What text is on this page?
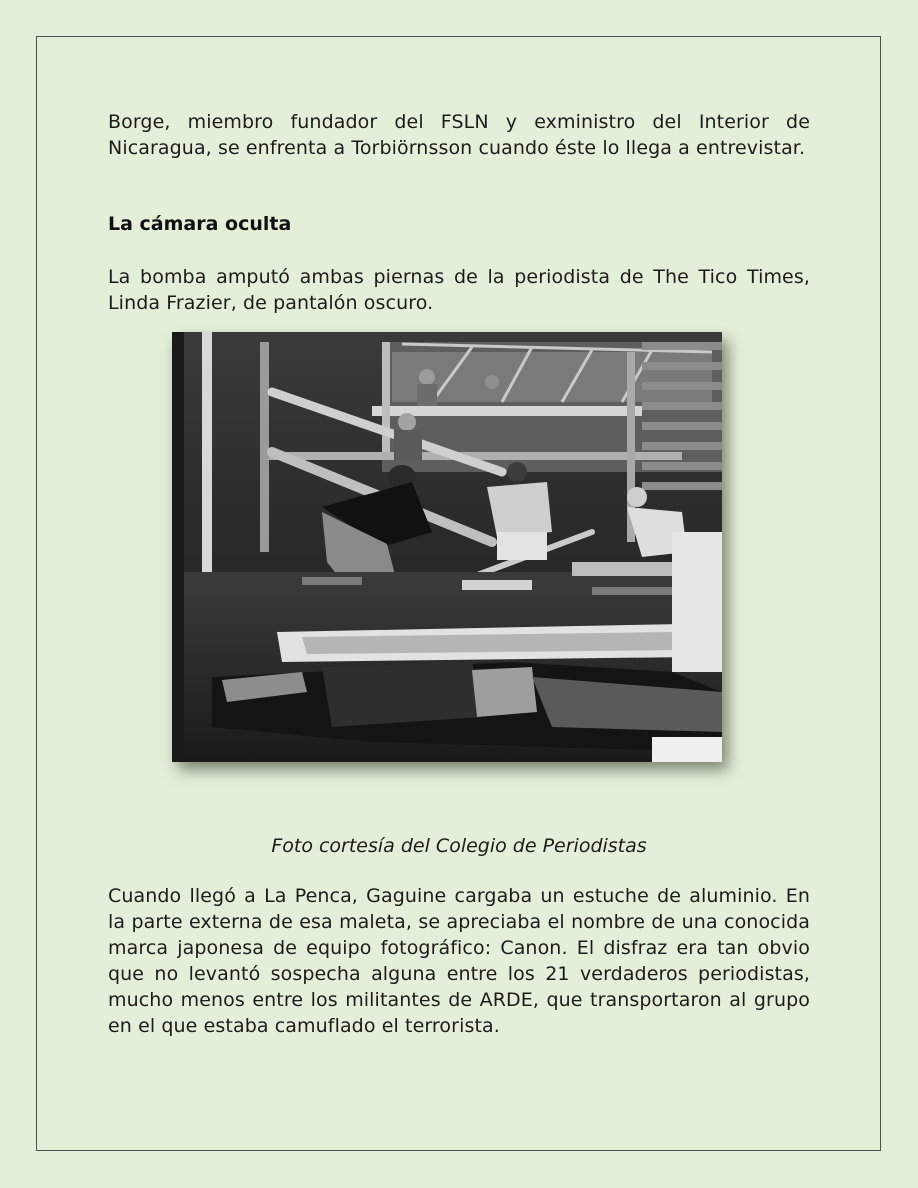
Borge, miembro fundador del FSLN y exministro del Interior de Nicaragua, se enfrenta a Torbiörnsson cuando éste lo llega a entrevistar.

La cámara oculta

La bomba amputó ambas piernas de la periodista de The Tico Times, Linda Frazier, de pantalón oscuro.

Foto cortesía del Colegio de Periodistas

Cuando llegó a La Penca, Gaguine cargaba un estuche de aluminio. En la parte externa de esa maleta, se apreciaba el nombre de una conocida marca japonesa de equipo fotográfico: Canon. El disfraz era tan obvio que no levantó sospecha alguna entre los 21 verdaderos periodistas, mucho menos entre los militantes de ARDE, que transportaron al grupo en el que estaba camuflado el terrorista.
